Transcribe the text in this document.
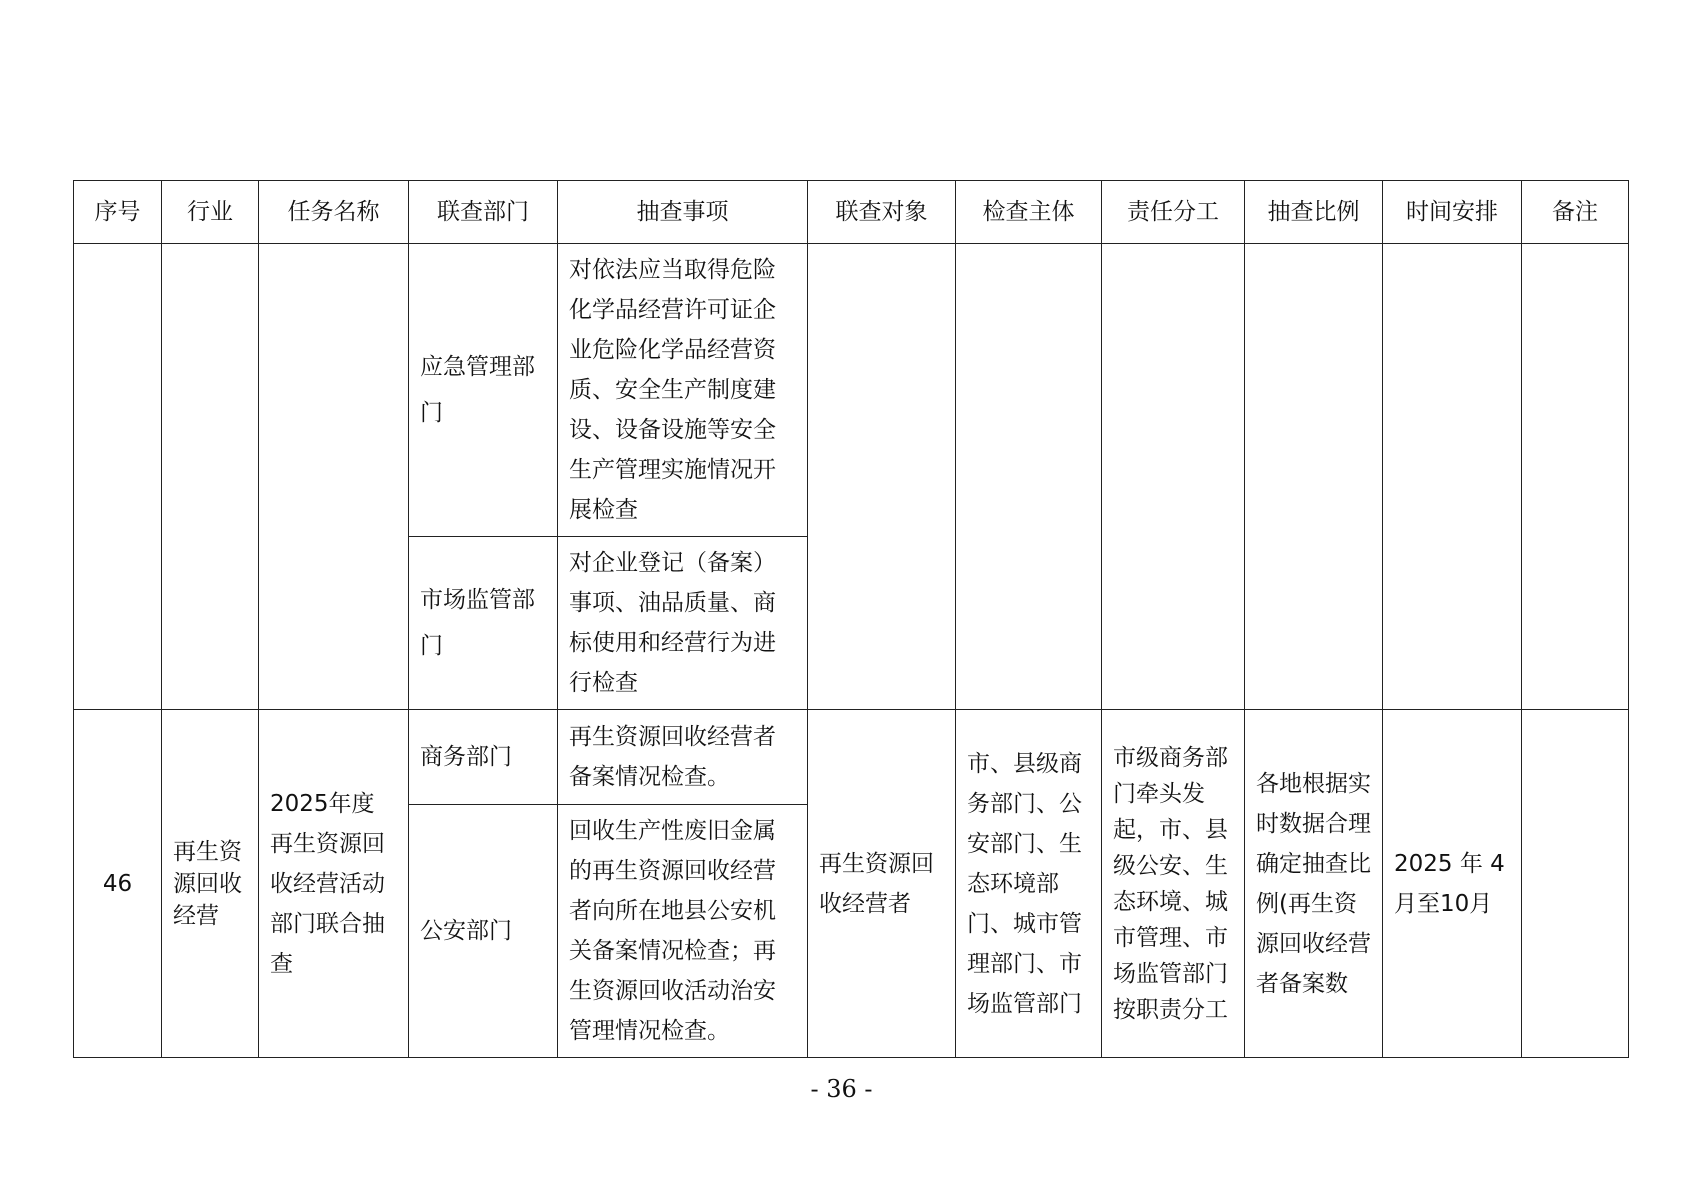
序号	行业	任务名称	联查部门	抽查事项	联查对象	检查主体	责任分工	抽查比例	时间安排	备注
			应急管理部门	对依法应当取得危险化学品经营许可证企业危险化学品经营资质、安全生产制度建设、设备设施等安全生产管理实施情况开展检查						
			市场监管部门	对企业登记（备案）事项、油品质量、商标使用和经营行为进行检查						
46	再生资源回收经营	2025年度再生资源回收经营活动部门联合抽查	商务部门	再生资源回收经营者备案情况检查。	再生资源回收经营者	市、县级商务部门、公安部门、生态环境部门、城市管理部门、市场监管部门	市级商务部门牵头发起，市、县级公安、生态环境、城市管理、市场监管部门按职责分工	各地根据实时数据合理确定抽查比例(再生资源回收经营者备案数	2025 年 4月至10月	
			公安部门	回收生产性废旧金属的再生资源回收经营者向所在地县公安机关备案情况检查；再生资源回收活动治安管理情况检查。						
- 36 -
